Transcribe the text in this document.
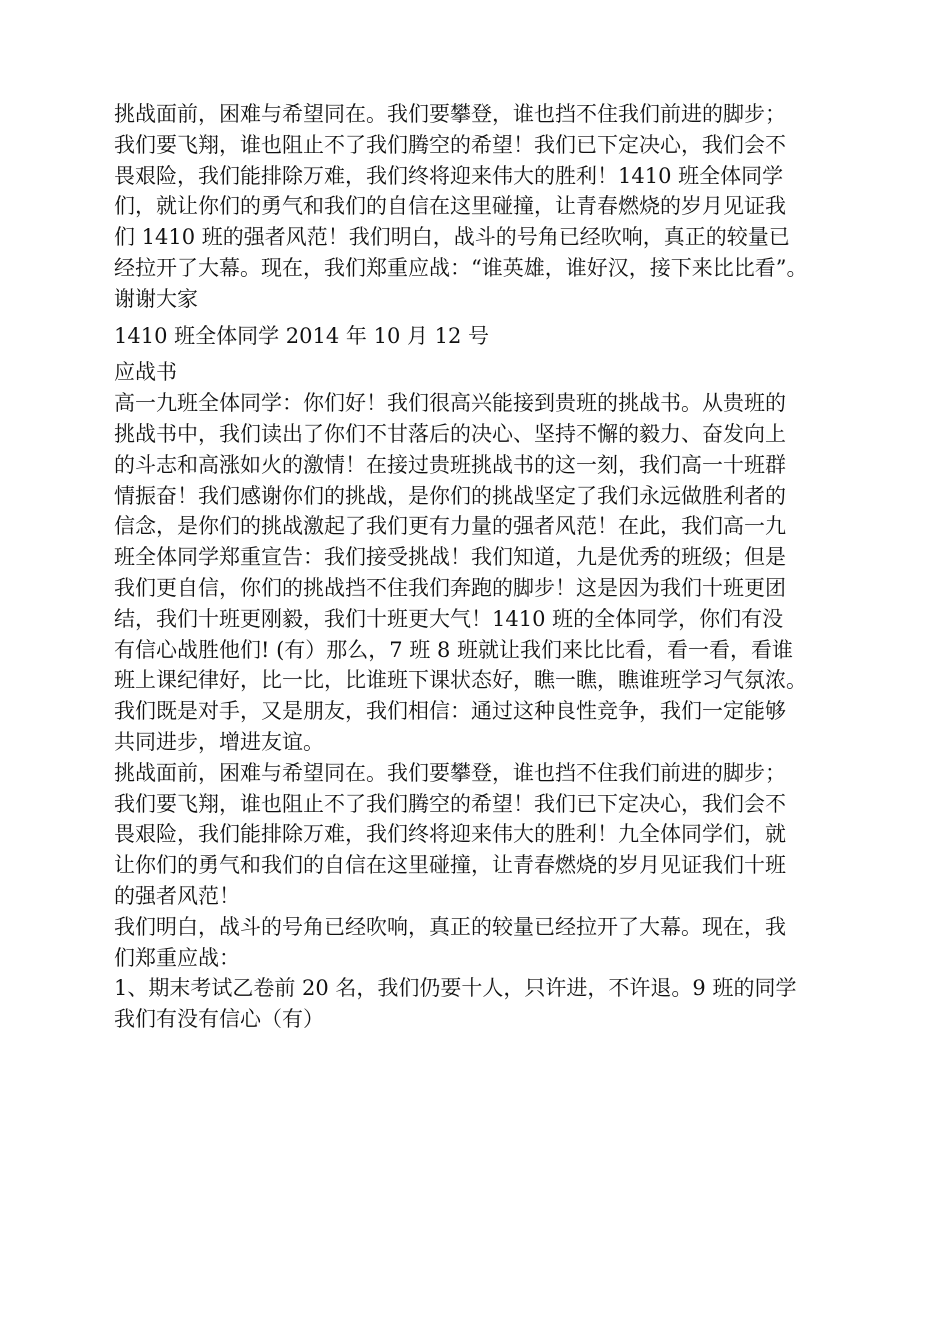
挑战面前，困难与希望同在。我们要攀登，谁也挡不住我们前进的脚步；
我们要飞翔，谁也阻止不了我们腾空的希望！我们已下定决心，我们会不
畏艰险，我们能排除万难，我们终将迎来伟大的胜利！1410 班全体同学
们，就让你们的勇气和我们的自信在这里碰撞，让青春燃烧的岁月见证我
们 1410 班的强者风范！我们明白，战斗的号角已经吹响，真正的较量已
经拉开了大幕。现在，我们郑重应战：“谁英雄，谁好汉，接下来比比看”。
谢谢大家
1410 班全体同学 2014 年 10 月 12 号
应战书
高一九班全体同学：你们好！我们很高兴能接到贵班的挑战书。从贵班的
挑战书中，我们读出了你们不甘落后的决心、坚持不懈的毅力、奋发向上
的斗志和高涨如火的激情！在接过贵班挑战书的这一刻，我们高一十班群
情振奋！我们感谢你们的挑战，是你们的挑战坚定了我们永远做胜利者的
信念，是你们的挑战激起了我们更有力量的强者风范！在此，我们高一九
班全体同学郑重宣告：我们接受挑战！我们知道，九是优秀的班级；但是
我们更自信，你们的挑战挡不住我们奔跑的脚步！这是因为我们十班更团
结，我们十班更刚毅，我们十班更大气！1410 班的全体同学，你们有没
有信心战胜他们! (有）那么，7 班 8 班就让我们来比比看，看一看，看谁
班上课纪律好，比一比，比谁班下课状态好，瞧一瞧，瞧谁班学习气氛浓。
我们既是对手，又是朋友，我们相信：通过这种良性竞争，我们一定能够
共同进步，增进友谊。
挑战面前，困难与希望同在。我们要攀登，谁也挡不住我们前进的脚步；
我们要飞翔，谁也阻止不了我们腾空的希望！我们已下定决心，我们会不
畏艰险，我们能排除万难，我们终将迎来伟大的胜利！九全体同学们，就
让你们的勇气和我们的自信在这里碰撞，让青春燃烧的岁月见证我们十班
的强者风范！
我们明白，战斗的号角已经吹响，真正的较量已经拉开了大幕。现在，我
们郑重应战：
1、期末考试乙卷前 20 名，我们仍要十人，只许进，不许退。9 班的同学
我们有没有信心（有）
